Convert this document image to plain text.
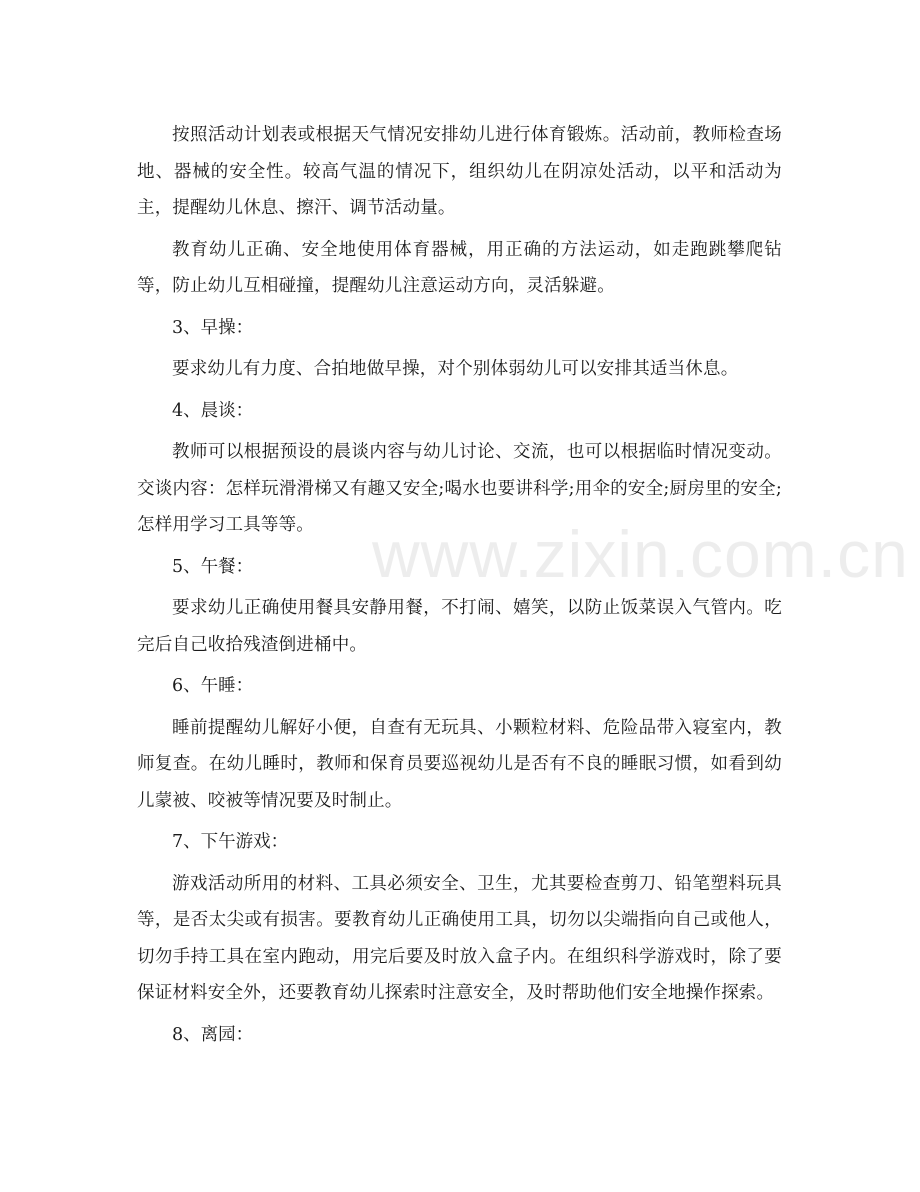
按照活动计划表或根据天气情况安排幼儿进行体育锻炼。活动前，教师检查场地、器械的安全性。较高气温的情况下，组织幼儿在阴凉处活动，以平和活动为主，提醒幼儿休息、擦汗、调节活动量。

教育幼儿正确、安全地使用体育器械，用正确的方法运动，如走跑跳攀爬钻等，防止幼儿互相碰撞，提醒幼儿注意运动方向，灵活躲避。

3、早操：

要求幼儿有力度、合拍地做早操，对个别体弱幼儿可以安排其适当休息。

4、晨谈：

教师可以根据预设的晨谈内容与幼儿讨论、交流，也可以根据临时情况变动。交谈内容：怎样玩滑滑梯又有趣又安全;喝水也要讲科学;用伞的安全;厨房里的安全;怎样用学习工具等等。

5、午餐：

要求幼儿正确使用餐具安静用餐，不打闹、嬉笑，以防止饭菜误入气管内。吃完后自己收拾残渣倒进桶中。

6、午睡：

睡前提醒幼儿解好小便，自查有无玩具、小颗粒材料、危险品带入寝室内，教师复查。在幼儿睡时，教师和保育员要巡视幼儿是否有不良的睡眠习惯，如看到幼儿蒙被、咬被等情况要及时制止。

7、下午游戏：

游戏活动所用的材料、工具必须安全、卫生，尤其要检查剪刀、铅笔塑料玩具等，是否太尖或有损害。要教育幼儿正确使用工具，切勿以尖端指向自己或他人，切勿手持工具在室内跑动，用完后要及时放入盒子内。在组织科学游戏时，除了要保证材料安全外，还要教育幼儿探索时注意安全，及时帮助他们安全地操作探索。

8、离园：

www.zixin.com.cn
